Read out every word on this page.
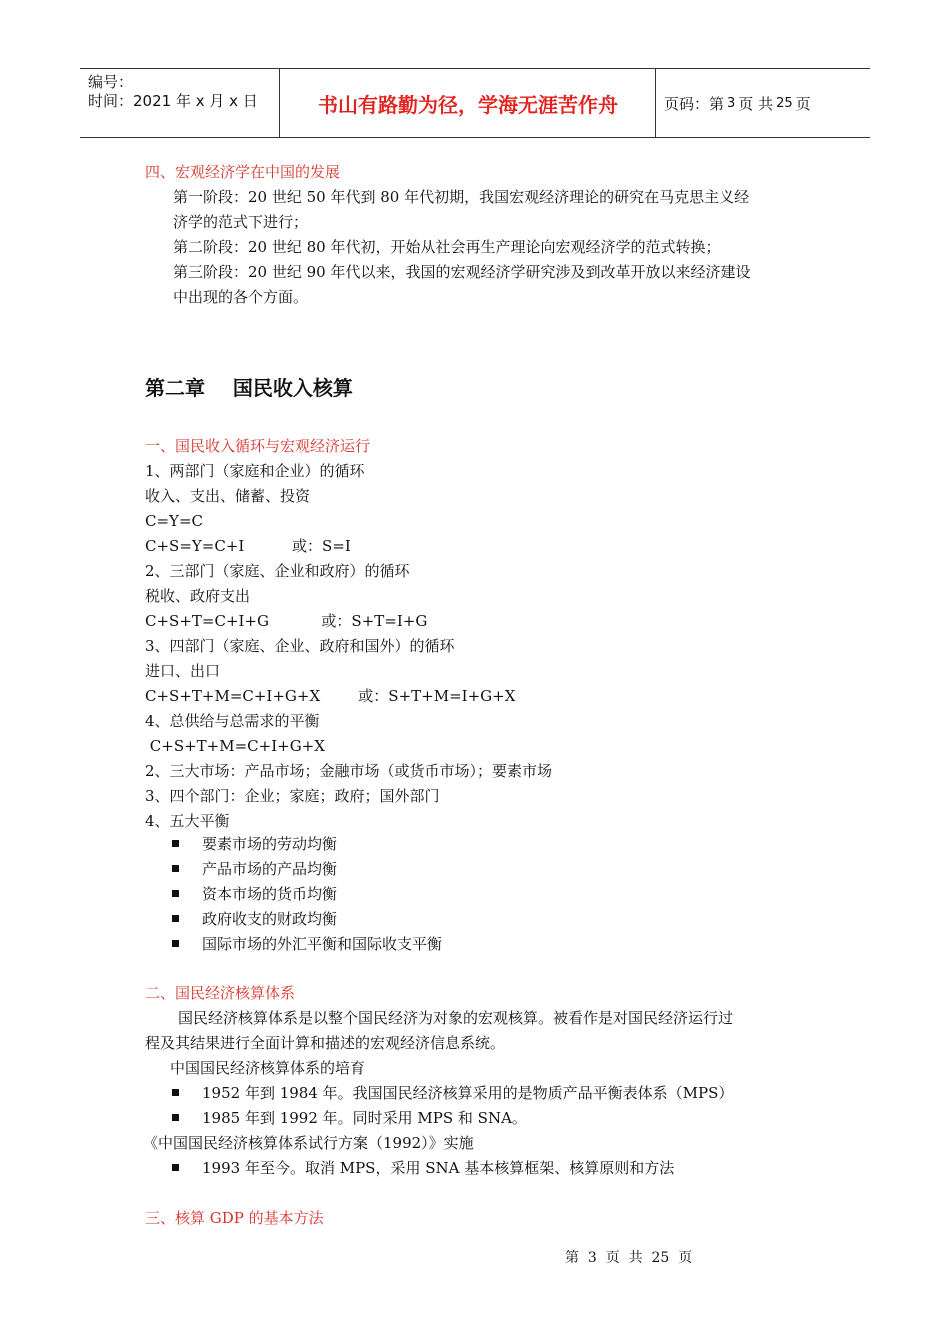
编号：
时间：2021 年 x 月 x 日	书山有路勤为径，学海无涯苦作舟	页码：第 3 页 共 25 页
四、宏观经济学在中国的发展
第一阶段：20 世纪 50 年代到 80 年代初期，我国宏观经济理论的研究在马克思主义经
济学的范式下进行；
第二阶段：20 世纪 80 年代初，开始从社会再生产理论向宏观经济学的范式转换；
第三阶段：20 世纪 90 年代以来，我国的宏观经济学研究涉及到改革开放以来经济建设
中出现的各个方面。
第二章    国民收入核算
一、国民收入循环与宏观经济运行
1、两部门（家庭和企业）的循环
收入、支出、储蓄、投资
C=Y=C
C+S=Y=C+I          或：S=I
2、三部门（家庭、企业和政府）的循环
税收、政府支出
C+S+T=C+I+G           或：S+T=I+G
3、四部门（家庭、企业、政府和国外）的循环
进口、出口
C+S+T+M=C+I+G+X        或：S+T+M=I+G+X
4、总供给与总需求的平衡
C+S+T+M=C+I+G+X
2、三大市场：产品市场；金融市场（或货币市场）；要素市场
3、四个部门：企业；家庭；政府；国外部门
4、五大平衡
要素市场的劳动均衡
产品市场的产品均衡
资本市场的货币均衡
政府收支的财政均衡
国际市场的外汇平衡和国际收支平衡
二、国民经济核算体系
国民经济核算体系是以整个国民经济为对象的宏观核算。被看作是对国民经济运行过
程及其结果进行全面计算和描述的宏观经济信息系统。
中国国民经济核算体系的培育
1952 年到 1984 年。我国国民经济核算采用的是物质产品平衡表体系（MPS）
1985 年到 1992 年。同时采用 MPS 和 SNA。
《中国国民经济核算体系试行方案（1992）》实施
1993 年至今。取消 MPS，采用 SNA 基本核算框架、核算原则和方法
三、核算 GDP 的基本方法
第  3  页  共  25  页
